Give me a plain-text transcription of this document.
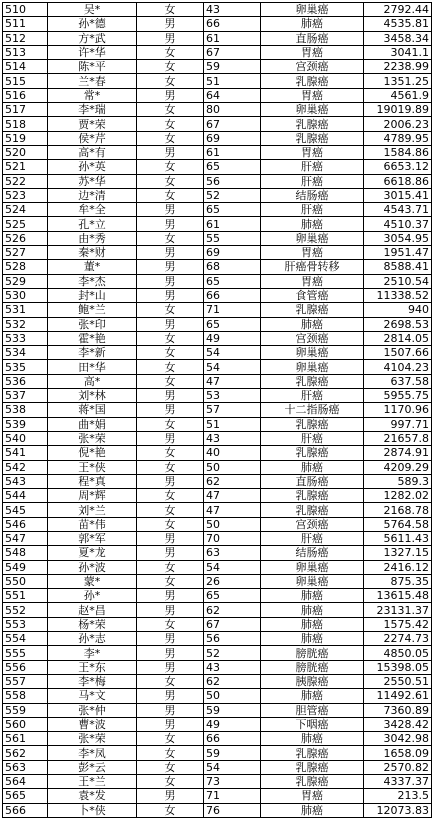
510	吴*	女	43	卵巢癌	2792.44
511	孙*德	男	66	肺癌	4535.81
512	方*武	男	61	直肠癌	3458.34
513	许*华	女	67	胃癌	3041.1
514	陈*平	女	59	宫颈癌	2238.99
515	兰*春	女	51	乳腺癌	1351.25
516	常*	男	64	胃癌	4561.9
517	李*瑞	女	80	卵巢癌	19019.89
518	贾*荣	女	67	乳腺癌	2006.23
519	侯*芹	女	69	乳腺癌	4789.95
520	高*有	男	61	胃癌	1584.86
521	孙*英	女	65	肝癌	6653.12
522	苏*华	女	56	肝癌	6618.86
523	边*清	女	52	结肠癌	3015.41
524	牟*全	男	65	肝癌	4543.71
525	孔*立	男	61	肺癌	4510.37
526	由*秀	女	55	卵巢癌	3054.95
527	秦*财	男	69	胃癌	1951.47
528	董*	男	68	肝癌骨转移	8588.41
529	李*杰	男	65	胃癌	2510.54
530	封*山	男	66	食管癌	11338.52
531	鲍*兰	女	71	乳腺癌	940
532	张*印	男	65	肺癌	2698.53
533	霍*艳	女	49	宫颈癌	2814.05
534	李*新	女	54	卵巢癌	1507.66
535	田*华	女	54	卵巢癌	4104.23
536	高*	女	47	乳腺癌	637.58
537	刘*林	男	53	肝癌	5955.75
538	蒋*国	男	57	十二指肠癌	1170.96
539	曲*娟	女	51	乳腺癌	997.71
540	张*荣	男	43	肝癌	21657.8
541	倪*艳	女	40	乳腺癌	2874.91
542	王*侠	女	50	肺癌	4209.29
543	程*真	男	62	直肠癌	589.3
544	周*辉	女	47	乳腺癌	1282.02
545	刘*兰	女	47	乳腺癌	2168.78
546	苗*伟	女	50	宫颈癌	5764.58
547	郭*军	男	70	肝癌	5611.43
548	夏*龙	男	63	结肠癌	1327.15
549	孙*波	女	54	卵巢癌	2416.12
550	蒙*	女	26	卵巢癌	875.35
551	孙*	男	65	肺癌	13615.48
552	赵*昌	男	62	肺癌	23131.37
553	杨*荣	女	67	肺癌	1575.42
554	孙*志	男	56	肺癌	2274.73
555	李*	男	52	膀胱癌	4850.05
556	王*东	男	43	膀胱癌	15398.05
557	李*梅	女	62	胰腺癌	2550.51
558	马*文	男	50	肺癌	11492.61
559	张*仲	男	59	胆管癌	7360.89
560	曹*波	男	49	下咽癌	3428.42
561	张*荣	女	66	肺癌	3042.98
562	李*凤	女	59	乳腺癌	1658.09
563	彭*云	女	54	乳腺癌	2570.82
564	王*兰	女	73	乳腺癌	4337.37
565	袁*发	男	71	胃癌	213.5
566	卜*侠	女	76	肺癌	12073.83
